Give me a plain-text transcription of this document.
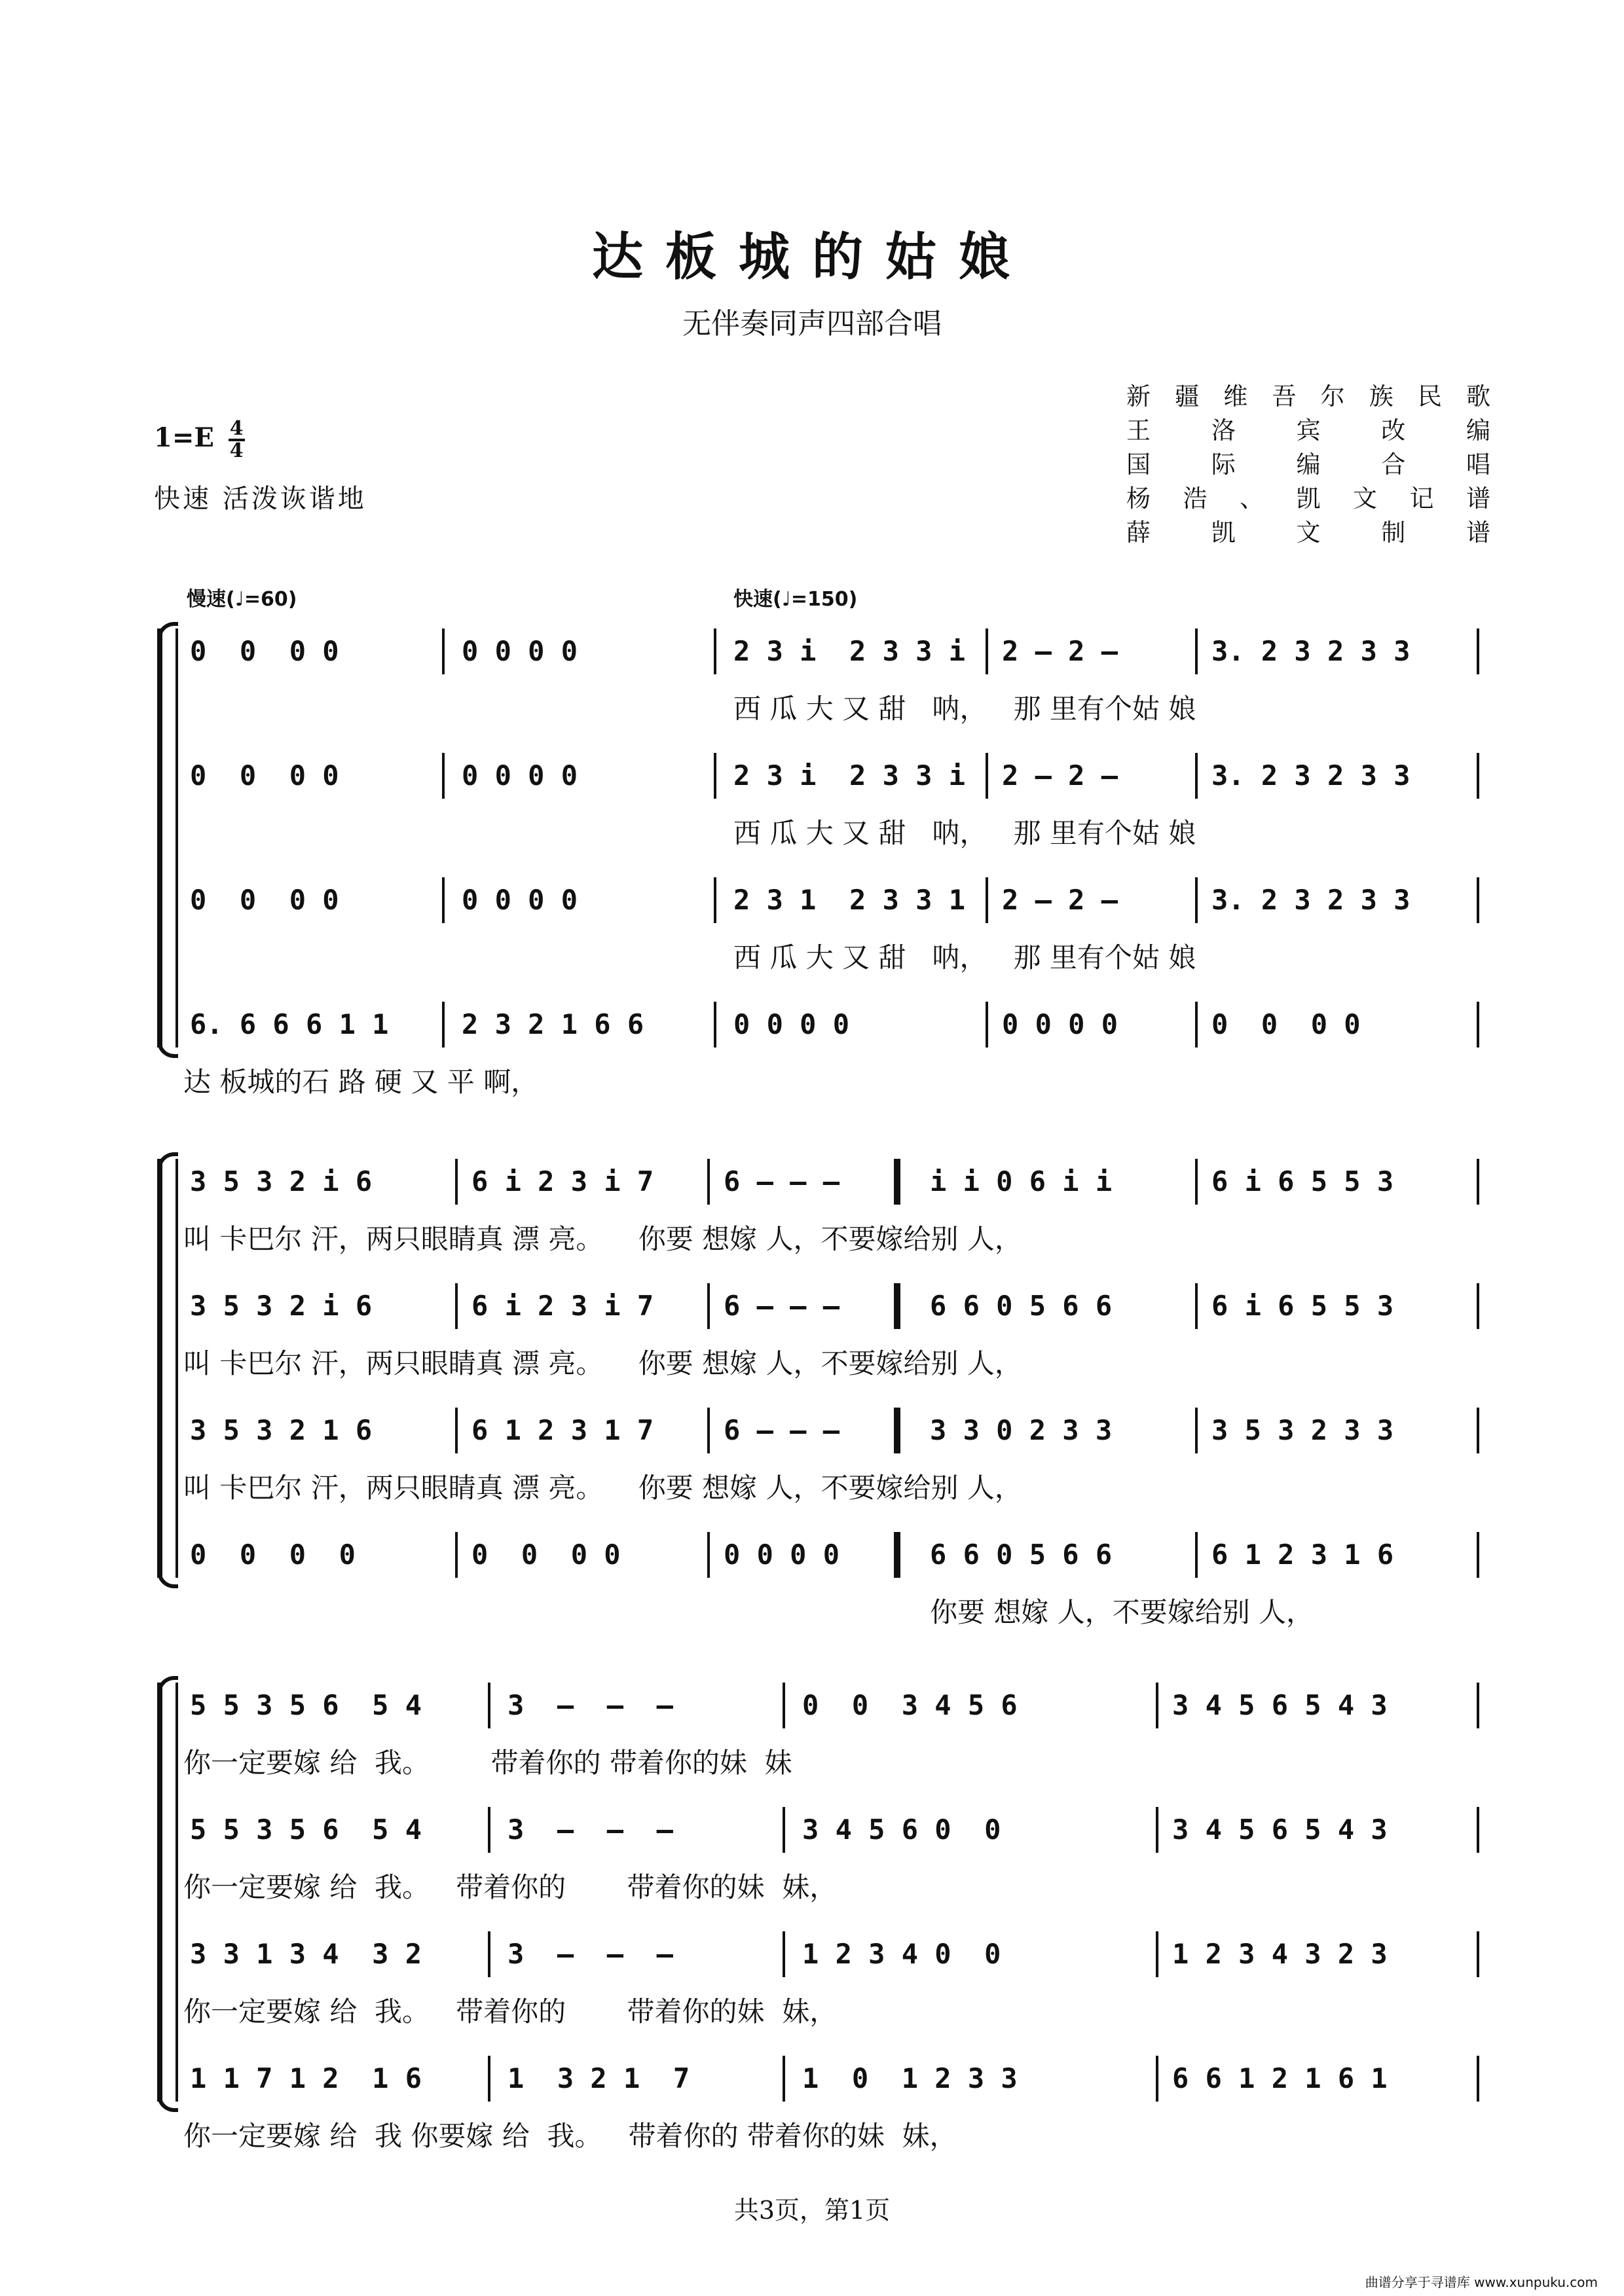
达板城的姑娘
无伴奏同声四部合唱
新疆维吾尔族民歌
王洛宾改编
国际编合唱
杨浩、凯文记谱
薛凯文制谱
$1=E \frac{4}{4}$
快速 活泼诙谐地
慢速(♩=60)	快速(♩=150)
0  0  0 0	0 0 0 0	2 3 i  2 3 3 i 2 — 2 —	3. 2 3 2 3 3
西 瓜 大 又 甜   呐，   那 里有个姑 娘
0  0  0 0	0 0 0 0	2 3 i  2 3 3 i 2 — 2 —	3. 2 3 2 3 3
西 瓜 大 又 甜   呐，   那 里有个姑 娘
0  0  0 0	0 0 0 0	2 3 1  2 3 3 1 2 — 2 —	3. 2 3 2 3 3
西 瓜 大 又 甜   呐，   那 里有个姑 娘
6. 6 6 6 1 1	2 3 2 1 6 6	0 0 0 0	0 0 0 0	0  0  0 0
达 板城的石 路 硬 又 平 啊，
3 5 3 2 i 6	6 i 2 3 i 7	6 — — —	i i 0 6 i i	6 i 6 5 5 3
叫 卡巴尔 汗，两只眼睛真 漂 亮。    你要 想嫁 人，不要嫁给别 人，
3 5 3 2 i 6	6 i 2 3 i 7	6 — — —	6 6 0 5 6 6	6 i 6 5 5 3
叫 卡巴尔 汗，两只眼睛真 漂 亮。    你要 想嫁 人，不要嫁给别 人，
3 5 3 2 1 6	6 1 2 3 1 7	6 — — —	3 3 0 2 3 3	3 5 3 2 3 3
叫 卡巴尔 汗，两只眼睛真 漂 亮。    你要 想嫁 人，不要嫁给别 人，
0  0  0  0	0  0  0 0	0 0 0 0	6 6 0 5 6 6	6 1 2 3 1 6
你要 想嫁 人，不要嫁给别 人，
5 5 3 5 6  5 4	3  —  —  —	0  0  3 4 5 6	3 4 5 6 5 4 3
你一定要嫁 给  我。       带着你的 带着你的妹  妹
5 5 3 5 6  5 4	3  —  —  —	3 4 5 6 0  0	3 4 5 6 5 4 3
你一定要嫁 给  我。   带着你的       带着你的妹  妹，
3 3 1 3 4  3 2	3  —  —  —	1 2 3 4 0  0	1 2 3 4 3 2 3
你一定要嫁 给  我。   带着你的       带着你的妹  妹，
1 1 7 1 2  1 6	1  3 2 1  7	1  0  1 2 3 3	6 6 1 2 1 6 1
你一定要嫁 给  我 你要嫁 给  我。   带着你的 带着你的妹  妹，
共3页，第1页
曲谱分享于寻谱库 www.xunpuku.com
